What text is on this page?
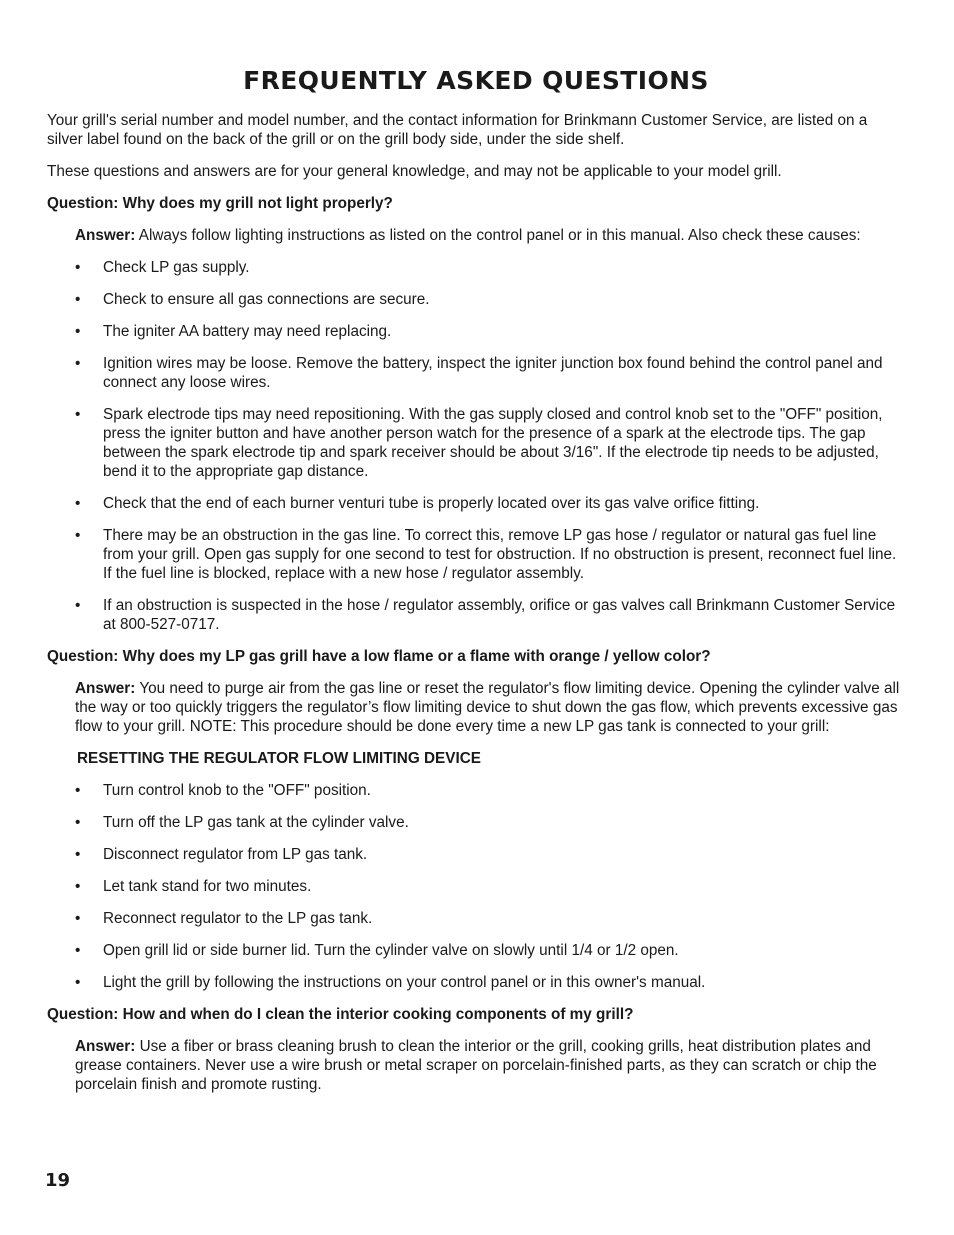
FREQUENTLY ASKED QUESTIONS

Your grill's serial number and model number, and the contact information for Brinkmann Customer Service, are listed on a silver label found on the back of the grill or on the grill body side, under the side shelf.

These questions and answers are for your general knowledge, and may not be applicable to your model grill.

Question: Why does my grill not light properly?

Answer: Always follow lighting instructions as listed on the control panel or in this manual. Also check these causes:

• Check LP gas supply.
• Check to ensure all gas connections are secure.
• The igniter AA battery may need replacing.
• Ignition wires may be loose. Remove the battery, inspect the igniter junction box found behind the control panel and connect any loose wires.
• Spark electrode tips may need repositioning. With the gas supply closed and control knob set to the "OFF" position, press the igniter button and have another person watch for the presence of a spark at the electrode tips. The gap between the spark electrode tip and spark receiver should be about 3/16". If the electrode tip needs to be adjusted, bend it to the appropriate gap distance.
• Check that the end of each burner venturi tube is properly located over its gas valve orifice fitting.
• There may be an obstruction in the gas line. To correct this, remove LP gas hose / regulator or natural gas fuel line from your grill. Open gas supply for one second to test for obstruction. If no obstruction is present, reconnect fuel line. If the fuel line is blocked, replace with a new hose / regulator assembly.
• If an obstruction is suspected in the hose / regulator assembly, orifice or gas valves call Brinkmann Customer Service at 800-527-0717.

Question: Why does my LP gas grill have a low flame or a flame with orange / yellow color?

Answer: You need to purge air from the gas line or reset the regulator's flow limiting device. Opening the cylinder valve all the way or too quickly triggers the regulator’s flow limiting device to shut down the gas flow, which prevents excessive gas flow to your grill. NOTE: This procedure should be done every time a new LP gas tank is connected to your grill:

RESETTING THE REGULATOR FLOW LIMITING DEVICE

• Turn control knob to the "OFF" position.
• Turn off the LP gas tank at the cylinder valve.
• Disconnect regulator from LP gas tank.
• Let tank stand for two minutes.
• Reconnect regulator to the LP gas tank.
• Open grill lid or side burner lid. Turn the cylinder valve on slowly until 1/4 or 1/2 open.
• Light the grill by following the instructions on your control panel or in this owner's manual.

Question: How and when do I clean the interior cooking components of my grill?

Answer: Use a fiber or brass cleaning brush to clean the interior or the grill, cooking grills, heat distribution plates and grease containers. Never use a wire brush or metal scraper on porcelain-finished parts, as they can scratch or chip the porcelain finish and promote rusting.

19
